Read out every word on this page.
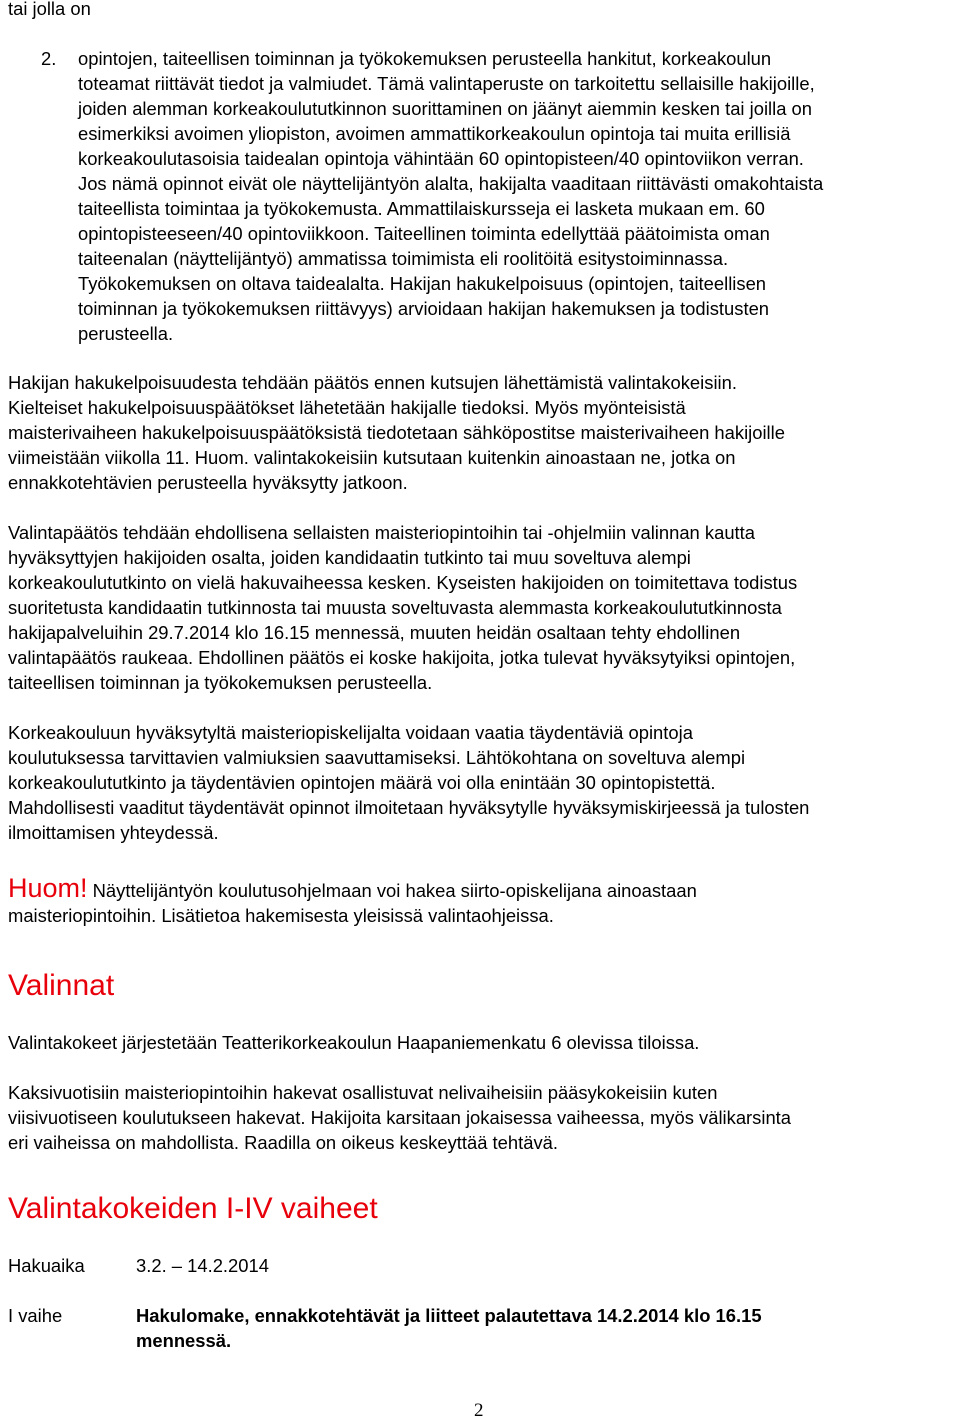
tai jolla on
2. opintojen, taiteellisen toiminnan ja työkokemuksen perusteella hankitut, korkeakoulun
toteamat riittävät tiedot ja valmiudet. Tämä valintaperuste on tarkoitettu sellaisille hakijoille,
joiden alemman korkeakoulututkinnon suorittaminen on jäänyt aiemmin kesken tai joilla on
esimerkiksi avoimen yliopiston, avoimen ammattikorkeakoulun opintoja tai muita erillisiä
korkeakoulutasoisia taidealan opintoja vähintään 60 opintopisteen/40 opintoviikon verran.
Jos nämä opinnot eivät ole näyttelijäntyön alalta, hakijalta vaaditaan riittävästi omakohtaista
taiteellista toimintaa ja työkokemusta. Ammattilaiskursseja ei lasketa mukaan em. 60
opintopisteeseen/40 opintoviikkoon. Taiteellinen toiminta edellyttää päätoimista oman
taiteenalan (näyttelijäntyö) ammatissa toimimista eli roolitöitä esitystoiminnassa.
Työkokemuksen on oltava taidealalta. Hakijan hakukelpoisuus (opintojen, taiteellisen
toiminnan ja työkokemuksen riittävyys) arvioidaan hakijan hakemuksen ja todistusten
perusteella.

Hakijan hakukelpoisuudesta tehdään päätös ennen kutsujen lähettämistä valintakokeisiin.
Kielteiset hakukelpoisuuspäätökset lähetetään hakijalle tiedoksi. Myös myönteisistä
maisterivaiheen hakukelpoisuuspäätöksistä tiedotetaan sähköpostitse maisterivaiheen hakijoille
viimeistään viikolla 11. Huom. valintakokeisiin kutsutaan kuitenkin ainoastaan ne, jotka on
ennakkotehtävien perusteella hyväksytty jatkoon.

Valintapäätös tehdään ehdollisena sellaisten maisteriopintoihin tai -ohjelmiin valinnan kautta
hyväksyttyjen hakijoiden osalta, joiden kandidaatin tutkinto tai muu soveltuva alempi
korkeakoulututkinto on vielä hakuvaiheessa kesken. Kyseisten hakijoiden on toimitettava todistus
suoritetusta kandidaatin tutkinnosta tai muusta soveltuvasta alemmasta korkeakoulututkinnosta
hakijapalveluihin 29.7.2014 klo 16.15 mennessä, muuten heidän osaltaan tehty ehdollinen
valintapäätös raukeaa. Ehdollinen päätös ei koske hakijoita, jotka tulevat hyväksytyiksi opintojen,
taiteellisen toiminnan ja työkokemuksen perusteella.

Korkeakouluun hyväksytyltä maisteriopiskelijalta voidaan vaatia täydentäviä opintoja
koulutuksessa tarvittavien valmiuksien saavuttamiseksi. Lähtökohtana on soveltuva alempi
korkeakoulututkinto ja täydentävien opintojen määrä voi olla enintään 30 opintopistettä.
Mahdollisesti vaaditut täydentävät opinnot ilmoitetaan hyväksytylle hyväksymiskirjeessä ja tulosten
ilmoittamisen yhteydessä.

Huom! Näyttelijäntyön koulutusohjelmaan voi hakea siirto-opiskelijana ainoastaan
maisteriopintoihin. Lisätietoa hakemisesta yleisissä valintaohjeissa.

Valinnat

Valintakokeet järjestetään Teatterikorkeakoulun Haapaniemenkatu 6 olevissa tiloissa.

Kaksivuotisiin maisteriopintoihin hakevat osallistuvat nelivaiheisiin pääsykokeisiin kuten
viisivuotiseen koulutukseen hakevat. Hakijoita karsitaan jokaisessa vaiheessa, myös välikarsinta
eri vaiheissa on mahdollista. Raadilla on oikeus keskeyttää tehtävä.

Valintakokeiden I-IV vaiheet
Hakuaika	3.2. – 14.2.2014
I vaihe	Hakulomake, ennakkotehtävät ja liitteet palautettava 14.2.2014 klo 16.15
mennessä.
2
